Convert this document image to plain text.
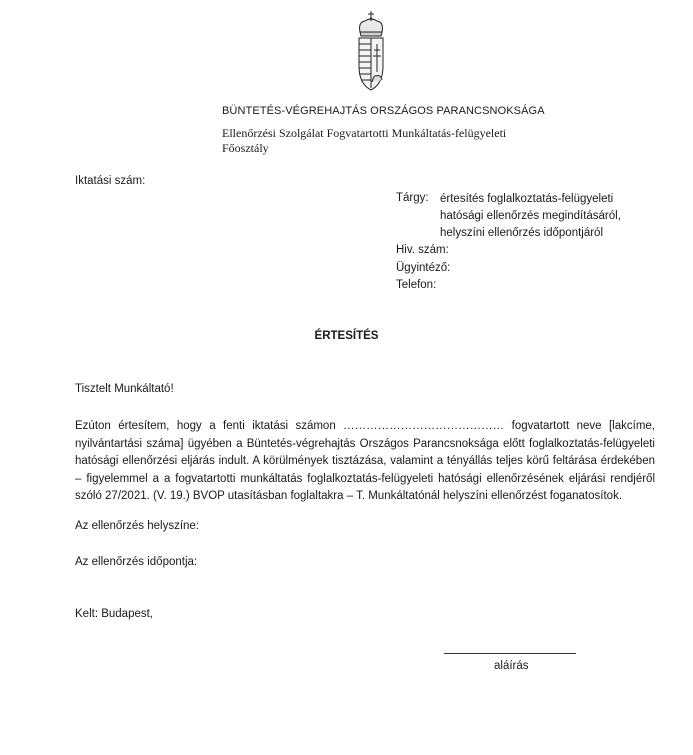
BÜNTETÉS-VÉGREHAJTÁS ORSZÁGOS PARANCSNOKSÁGA
Ellenőrzési Szolgálat Fogvatartotti Munkáltatás-felügyeleti Főosztály
Iktatási szám:
Tárgy: értesítés foglalkoztatás-felügyeleti hatósági ellenőrzés megindításáról, helyszíni ellenőrzés időpontjáról
Hiv. szám:
Ügyintéző:
Telefon:
ÉRTESÍTÉS
Tisztelt Munkáltató!
Ezúton értesítem, hogy a fenti iktatási számon …………………………………… fogvatartott neve [lakcíme, nyilvántartási száma] ügyében a Büntetés-végrehajtás Országos Parancsnoksága előtt foglalkoztatás-felügyeleti hatósági ellenőrzési eljárás indult. A körülmények tisztázása, valamint a tényállás teljes körű feltárása érdekében – figyelemmel a a fogvatartotti munkáltatás foglalkoztatás-felügyeleti hatósági ellenőrzésének eljárási rendjéről szóló 27/2021. (V. 19.) BVOP utasításban foglaltakra – T. Munkáltatónál helyszíni ellenőrzést foganatosítok.
Az ellenőrzés helyszíne:
Az ellenőrzés időpontja:
Kelt: Budapest,
aláírás
